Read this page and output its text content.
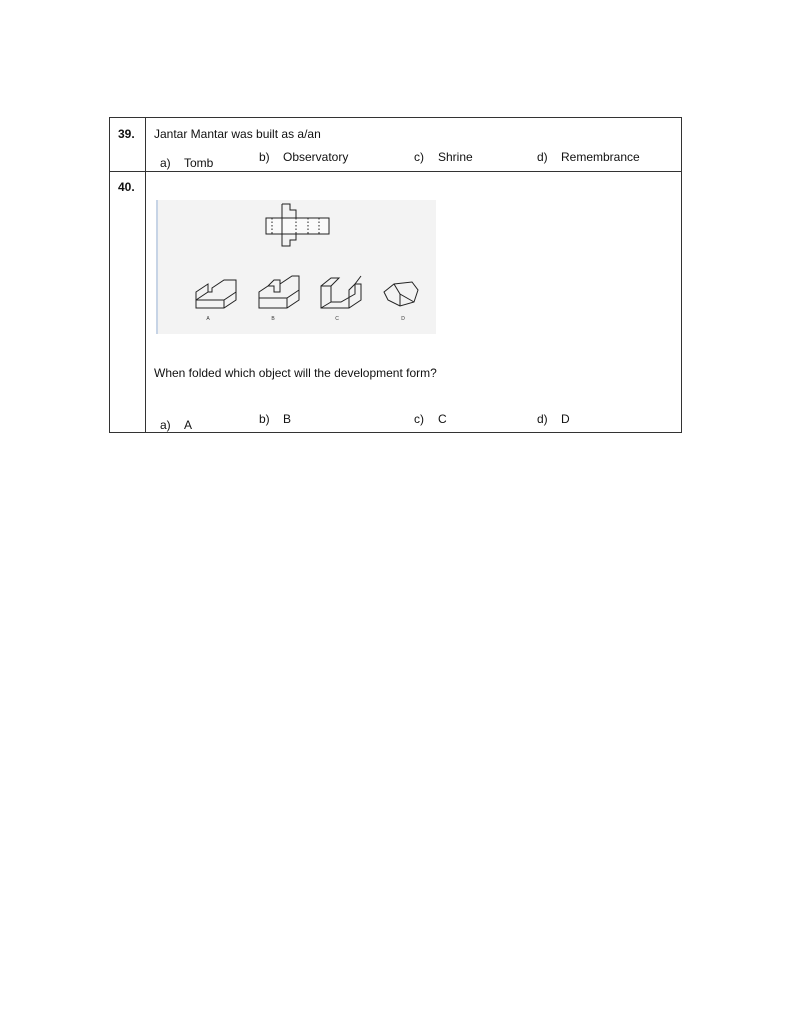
39. Jantar Mantar was built as a/an
a) Tomb	b) Observatory	c) Shrine	d) Remembrance
40.
A	B	C	D
When folded which object will the development form?
a) A	b) B	c) C	d) D
